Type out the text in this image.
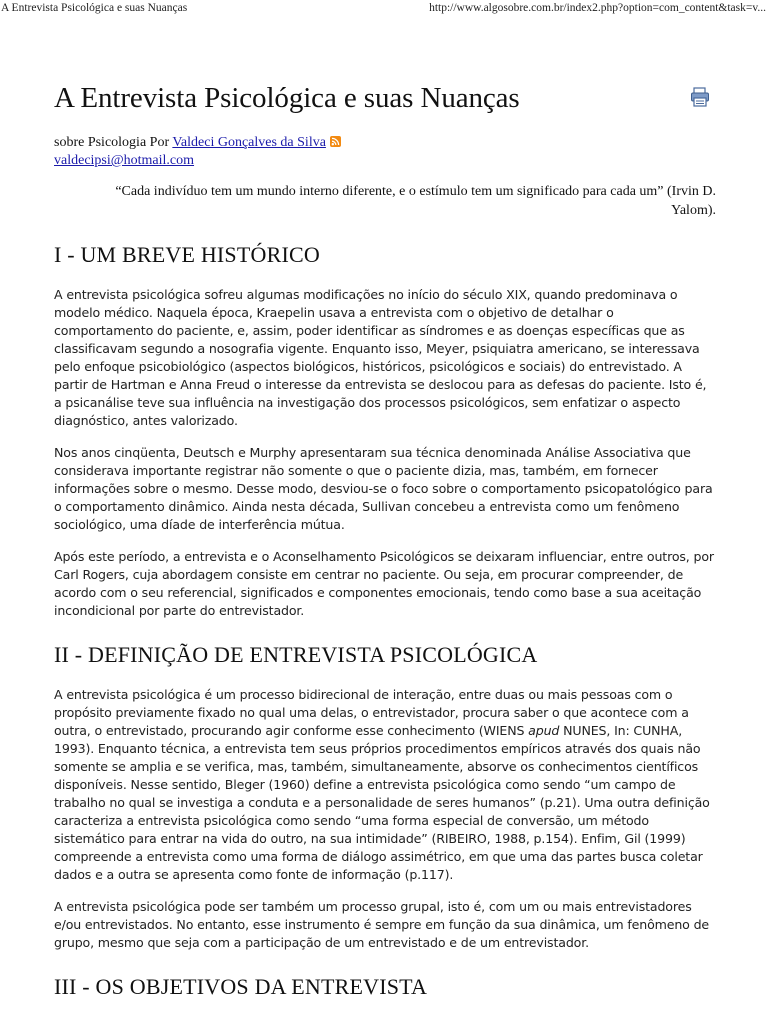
A Entrevista Psicológica e suas Nuanças	http://www.algosobre.com.br/index2.php?option=com_content&task=v...
A Entrevista Psicológica e suas Nuanças
sobre Psicologia Por Valdeci Gonçalves da Silva
valdecipsi@hotmail.com
“Cada indivíduo tem um mundo interno diferente, e o estímulo tem um significado para cada um” (Irvin D. Yalom).
I - UM BREVE HISTÓRICO

A entrevista psicológica sofreu algumas modificações no início do século XIX, quando predominava o modelo médico. Naquela época, Kraepelin usava a entrevista com o objetivo de detalhar o comportamento do paciente, e, assim, poder identificar as síndromes e as doenças específicas que as classificavam segundo a nosografia vigente. Enquanto isso, Meyer, psiquiatra americano, se interessava pelo enfoque psicobiológico (aspectos biológicos, históricos, psicológicos e sociais) do entrevistado. A partir de Hartman e Anna Freud o interesse da entrevista se deslocou para as defesas do paciente. Isto é, a psicanálise teve sua influência na investigação dos processos psicológicos, sem enfatizar o aspecto diagnóstico, antes valorizado.

Nos anos cinqüenta, Deutsch e Murphy apresentaram sua técnica denominada Análise Associativa que considerava importante registrar não somente o que o paciente dizia, mas, também, em fornecer informações sobre o mesmo. Desse modo, desviou-se o foco sobre o comportamento psicopatológico para o comportamento dinâmico. Ainda nesta década, Sullivan concebeu a entrevista como um fenômeno sociológico, uma díade de interferência mútua.

Após este período, a entrevista e o Aconselhamento Psicológicos se deixaram influenciar, entre outros, por Carl Rogers, cuja abordagem consiste em centrar no paciente. Ou seja, em procurar compreender, de acordo com o seu referencial, significados e componentes emocionais, tendo como base a sua aceitação incondicional por parte do entrevistador.

II - DEFINIÇÃO DE ENTREVISTA PSICOLÓGICA

A entrevista psicológica é um processo bidirecional de interação, entre duas ou mais pessoas com o propósito previamente fixado no qual uma delas, o entrevistador, procura saber o que acontece com a outra, o entrevistado, procurando agir conforme esse conhecimento (WIENS apud NUNES, In: CUNHA, 1993). Enquanto técnica, a entrevista tem seus próprios procedimentos empíricos através dos quais não somente se amplia e se verifica, mas, também, simultaneamente, absorve os conhecimentos científicos disponíveis. Nesse sentido, Bleger (1960) define a entrevista psicológica como sendo “um campo de trabalho no qual se investiga a conduta e a personalidade de seres humanos” (p.21). Uma outra definição caracteriza a entrevista psicológica como sendo “uma forma especial de conversão, um método sistemático para entrar na vida do outro, na sua intimidade” (RIBEIRO, 1988, p.154). Enfim, Gil (1999) compreende a entrevista como uma forma de diálogo assimétrico, em que uma das partes busca coletar dados e a outra se apresenta como fonte de informação (p.117).

A entrevista psicológica pode ser também um processo grupal, isto é, com um ou mais entrevistadores e/ou entrevistados. No entanto, esse instrumento é sempre em função da sua dinâmica, um fenômeno de grupo, mesmo que seja com a participação de um entrevistado e de um entrevistador.

III - OS OBJETIVOS DA ENTREVISTA
